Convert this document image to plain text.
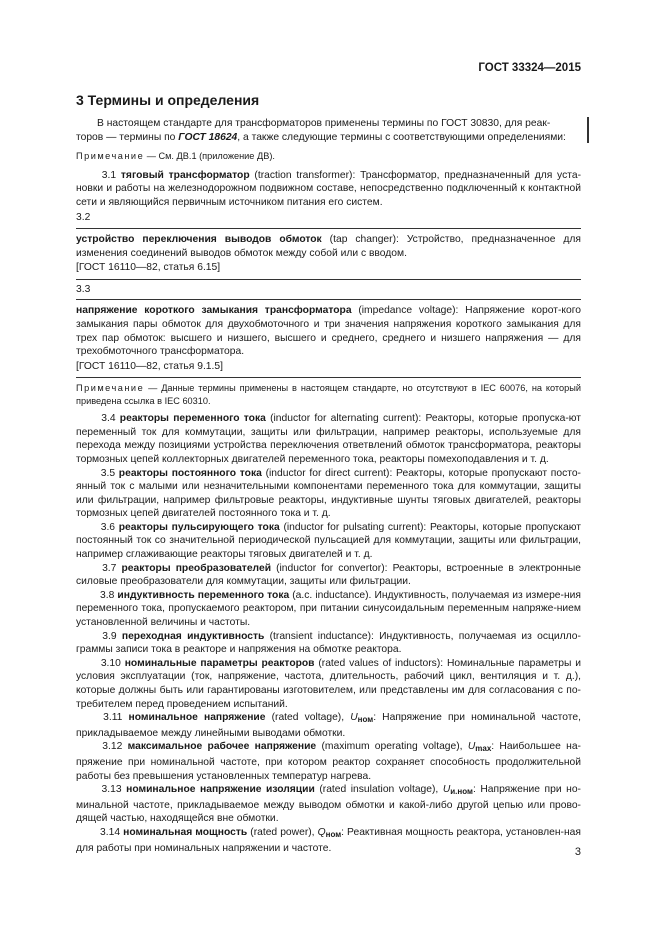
ГОСТ 33324—2015
3 Термины и определения

В настоящем стандарте для трансформаторов применены термины по ГОСТ 30830, для реак-
торов — термины по ГОСТ 18624, а также следующие термины с соответствующими определениями:

Примечание — См. ДВ.1 (приложение ДВ).

3.1 тяговый трансформатор (traction transformer): Трансформатор, предназначенный для уста-новки и работы на железнодорожном подвижном составе, непосредственно подключенный к контактной сети и являющийся первичным источником питания его систем.

3.2

устройство переключения выводов обмоток (tap changer): Устройство, предназначенное для изменения соединений выводов обмоток между собой или с вводом.

[ГОСТ 16110—82, статья 6.15]

3.3

напряжение короткого замыкания трансформатора (impedance voltage): Напряжение корот-кого замыкания пары обмоток для двухобмоточного и три значения напряжения короткого замыкания для трех пар обмоток: высшего и низшего, высшего и среднего, среднего и низшего напряжения — для трехобмоточного трансформатора.

[ГОСТ 16110—82, статья 9.1.5]

Примечание — Данные термины применены в настоящем стандарте, но отсутствуют в IEC 60076, на который приведена ссылка в IEC 60310.

3.4 реакторы переменного тока (inductor for alternating current): Реакторы, которые пропуска-ют переменный ток для коммутации, защиты или фильтрации, например реакторы, используемые для перехода между позициями устройства переключения ответвлений обмоток трансформатора, реакторы тормозных цепей коллекторных двигателей переменного тока, реакторы помехоподавления и т. д.

3.5 реакторы постоянного тока (inductor for direct current): Реакторы, которые пропускают посто-янный ток с малыми или незначительными компонентами переменного тока для коммутации, защиты или фильтрации, например фильтровые реакторы, индуктивные шунты тяговых двигателей, реакторы тормозных цепей двигателей постоянного тока и т. д.

3.6 реакторы пульсирующего тока (inductor for pulsating current): Реакторы, которые пропускают постоянный ток со значительной периодической пульсацией для коммутации, защиты или фильтрации, например сглаживающие реакторы тяговых двигателей и т. д.

3.7 реакторы преобразователей (inductor for convertor): Реакторы, встроенные в электронные силовые преобразователи для коммутации, защиты или фильтрации.

3.8 индуктивность переменного тока (a.c. inductance). Индуктивность, получаемая из измере-ния переменного тока, пропускаемого реактором, при питании синусоидальным переменным напряже-нием установленной величины и частоты.

3.9 переходная индуктивность (transient inductance): Индуктивность, получаемая из осцилло-граммы записи тока в реакторе и напряжения на обмотке реактора.

3.10 номинальные параметры реакторов (rated values of inductors): Номинальные параметры и условия эксплуатации (ток, напряжение, частота, длительность, рабочий цикл, вентиляция и т. д.), которые должны быть или гарантированы изготовителем, или представлены им для согласования с по-требителем перед проведением испытаний.

3.11 номинальное напряжение (rated voltage), $U_{ном}$: Напряжение при номинальной частоте, прикладываемое между линейными выводами обмотки.

3.12 максимальное рабочее напряжение (maximum operating voltage), $U_{max}$: Наибольшее на-пряжение при номинальной частоте, при котором реактор сохраняет способность продолжительной работы без превышения установленных температур нагрева.

3.13 номинальное напряжение изоляции (rated insulation voltage), $U_{и.ном}$: Напряжение при но-минальной частоте, прикладываемое между выводом обмотки и какой-либо другой цепью или прово-дящей частью, находящейся вне обмотки.

3.14 номинальная мощность (rated power), $Q_{ном}$: Реактивная мощность реактора, установлен-ная для работы при номинальных напряжении и частоте.	3
